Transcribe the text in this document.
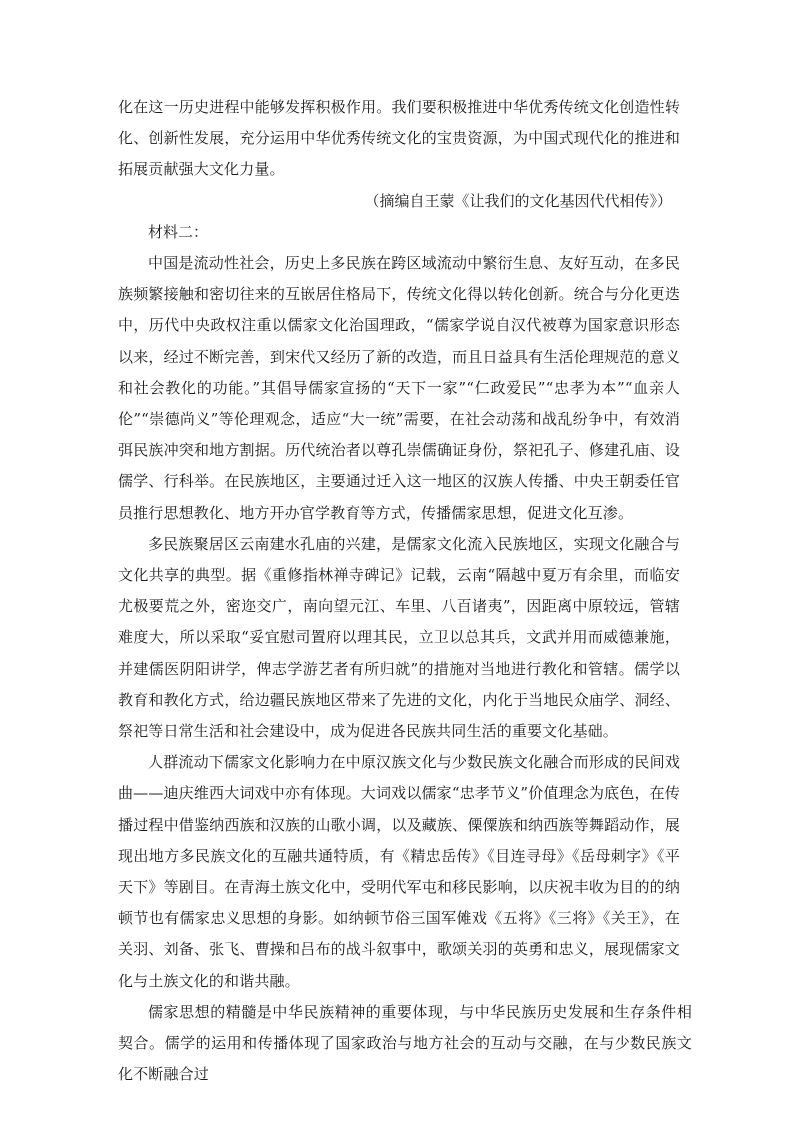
化在这一历史进程中能够发挥积极作用。我们要积极推进中华优秀传统文化创造性转化、创新性发展，充分运用中华优秀传统文化的宝贵资源，为中国式现代化的推进和拓展贡献强大文化力量。

（摘编自王蒙《让我们的文化基因代代相传》）

材料二：

中国是流动性社会，历史上多民族在跨区域流动中繁衍生息、友好互动，在多民族频繁接触和密切往来的互嵌居住格局下，传统文化得以转化创新。统合与分化更迭中，历代中央政权注重以儒家文化治国理政，“儒家学说自汉代被尊为国家意识形态以来，经过不断完善，到宋代又经历了新的改造，而且日益具有生活伦理规范的意义和社会教化的功能。”其倡导儒家宣扬的“天下一家”“仁政爱民”“忠孝为本”“血亲人伦”“崇德尚义”等伦理观念，适应“大一统”需要，在社会动荡和战乱纷争中，有效消弭民族冲突和地方割据。历代统治者以尊孔崇儒确证身份，祭祀孔子、修建孔庙、设儒学、行科举。在民族地区，主要通过迁入这一地区的汉族人传播、中央王朝委任官员推行思想教化、地方开办官学教育等方式，传播儒家思想，促进文化互渗。

多民族聚居区云南建水孔庙的兴建，是儒家文化流入民族地区，实现文化融合与文化共享的典型。据《重修指林禅寺碑记》记载，云南“隔越中夏万有余里，而临安尤极要荒之外，密迩交广，南向望元江、车里、八百诸夷”，因距离中原较远，管辖难度大，所以采取“妥宜慰司置府以理其民，立卫以总其兵，文武并用而威德兼施，并建儒医阴阳讲学，俾志学游艺者有所归就”的措施对当地进行教化和管辖。儒学以教育和教化方式，给边疆民族地区带来了先进的文化，内化于当地民众庙学、洞经、祭祀等日常生活和社会建设中，成为促进各民族共同生活的重要文化基础。

人群流动下儒家文化影响力在中原汉族文化与少数民族文化融合而形成的民间戏曲——迪庆维西大词戏中亦有体现。大词戏以儒家“忠孝节义”价值理念为底色，在传播过程中借鉴纳西族和汉族的山歌小调，以及藏族、傈僳族和纳西族等舞蹈动作，展现出地方多民族文化的互融共通特质，有《精忠岳传》《目连寻母》《岳母刺字》《平天下》等剧目。在青海土族文化中，受明代军屯和移民影响，以庆祝丰收为目的的纳顿节也有儒家忠义思想的身影。如纳顿节俗三国军傩戏《五将》《三将》《关王》，在关羽、刘备、张飞、曹操和吕布的战斗叙事中，歌颂关羽的英勇和忠义，展现儒家文化与土族文化的和谐共融。

儒家思想的精髓是中华民族精神的重要体现，与中华民族历史发展和生存条件相契合。儒学的运用和传播体现了国家政治与地方社会的互动与交融，在与少数民族文化不断融合过
